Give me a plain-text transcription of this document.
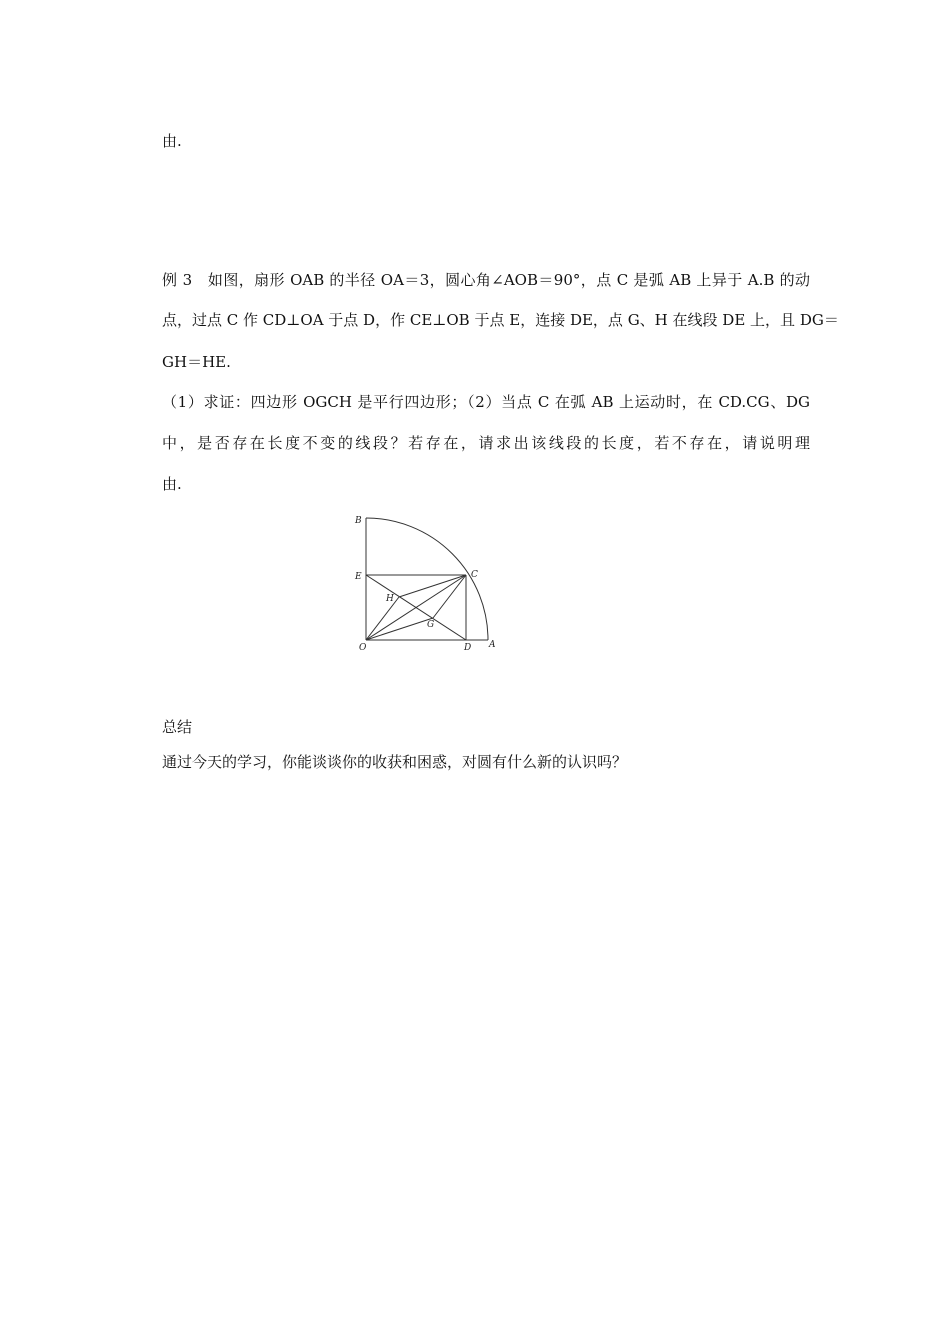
由.
例 3　如图，扇形 OAB 的半径 OA＝3，圆心角∠AOB＝90°，点 C 是弧 AB 上异于 A.B 的动
点，过点 C 作 CD⊥OA 于点 D，作 CE⊥OB 于点 E，连接 DE，点 G、H 在线段 DE 上，且 DG＝
GH＝HE.
（1）求证：四边形 OGCH 是平行四边形；（2）当点 C 在弧 AB 上运动时，在 CD.CG、DG
中，是否存在长度不变的线段？若存在，请求出该线段的长度，若不存在，请说明理
由.
B
E	C
H
G
O	D A
总结
通过今天的学习，你能谈谈你的收获和困惑，对圆有什么新的认识吗？
